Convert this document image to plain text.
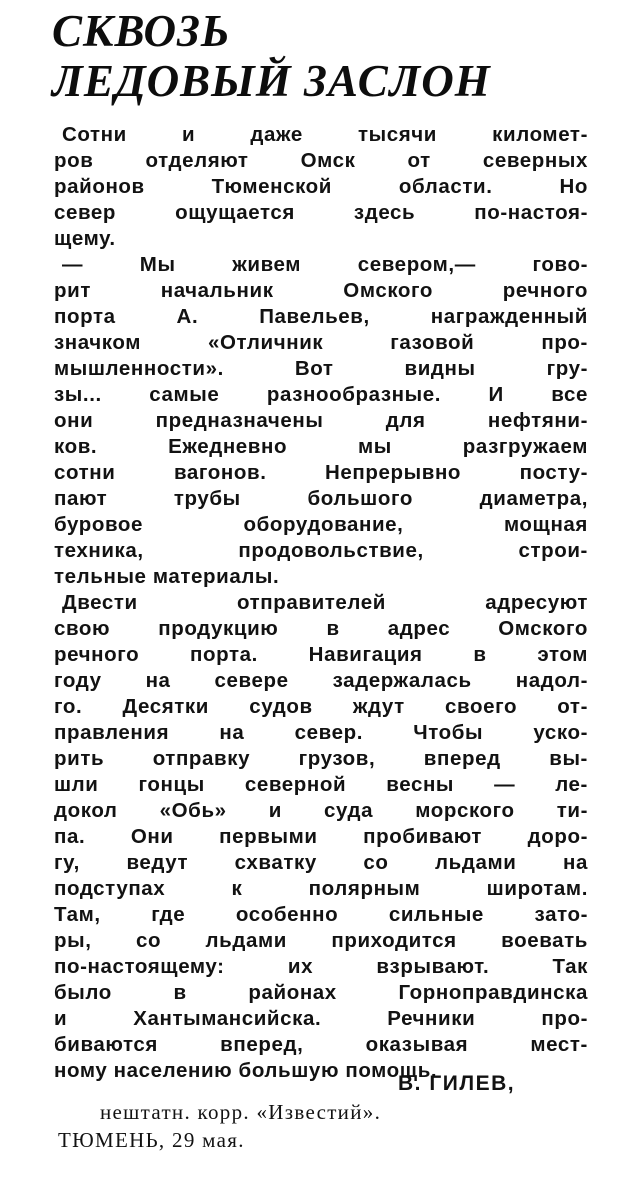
СКВОЗЬ
ЛЕДОВЫЙ ЗАСЛОН

Сотни и даже тысячи километ-
ров отделяют Омск от северных
районов Тюменской области. Но
север ощущается здесь по-настоя-
щему.

— Мы живем севером,— гово-
рит начальник Омского речного
порта А. Павельев, награжденный
значком «Отличник газовой про-
мышленности». Вот видны гру-
зы... самые разнообразные. И все
они предназначены для нефтяни-
ков. Ежедневно мы разгружаем
сотни вагонов. Непрерывно посту-
пают трубы большого диаметра,
буровое оборудование, мощная
техника, продовольствие, строи-
тельные материалы.

Двести отправителей адресуют
свою продукцию в адрес Омского
речного порта. Навигация в этом
году на севере задержалась надол-
го. Десятки судов ждут своего от-
правления на север. Чтобы уско-
рить отправку грузов, вперед вы-
шли гонцы северной весны — ле-
докол «Обь» и суда морского ти-
па. Они первыми пробивают доро-
гу, ведут схватку со льдами на
подступах к полярным широтам.
Там, где особенно сильные зато-
ры, со льдами приходится воевать
по-настоящему: их взрывают. Так
было в районах Горноправдинска
и Хантымансийска. Речники про-
биваются вперед, оказывая мест-
ному населению большую помощь.

В. ГИЛЕВ,
нештатн. корр. «Известий».
ТЮМЕНЬ, 29 мая.
